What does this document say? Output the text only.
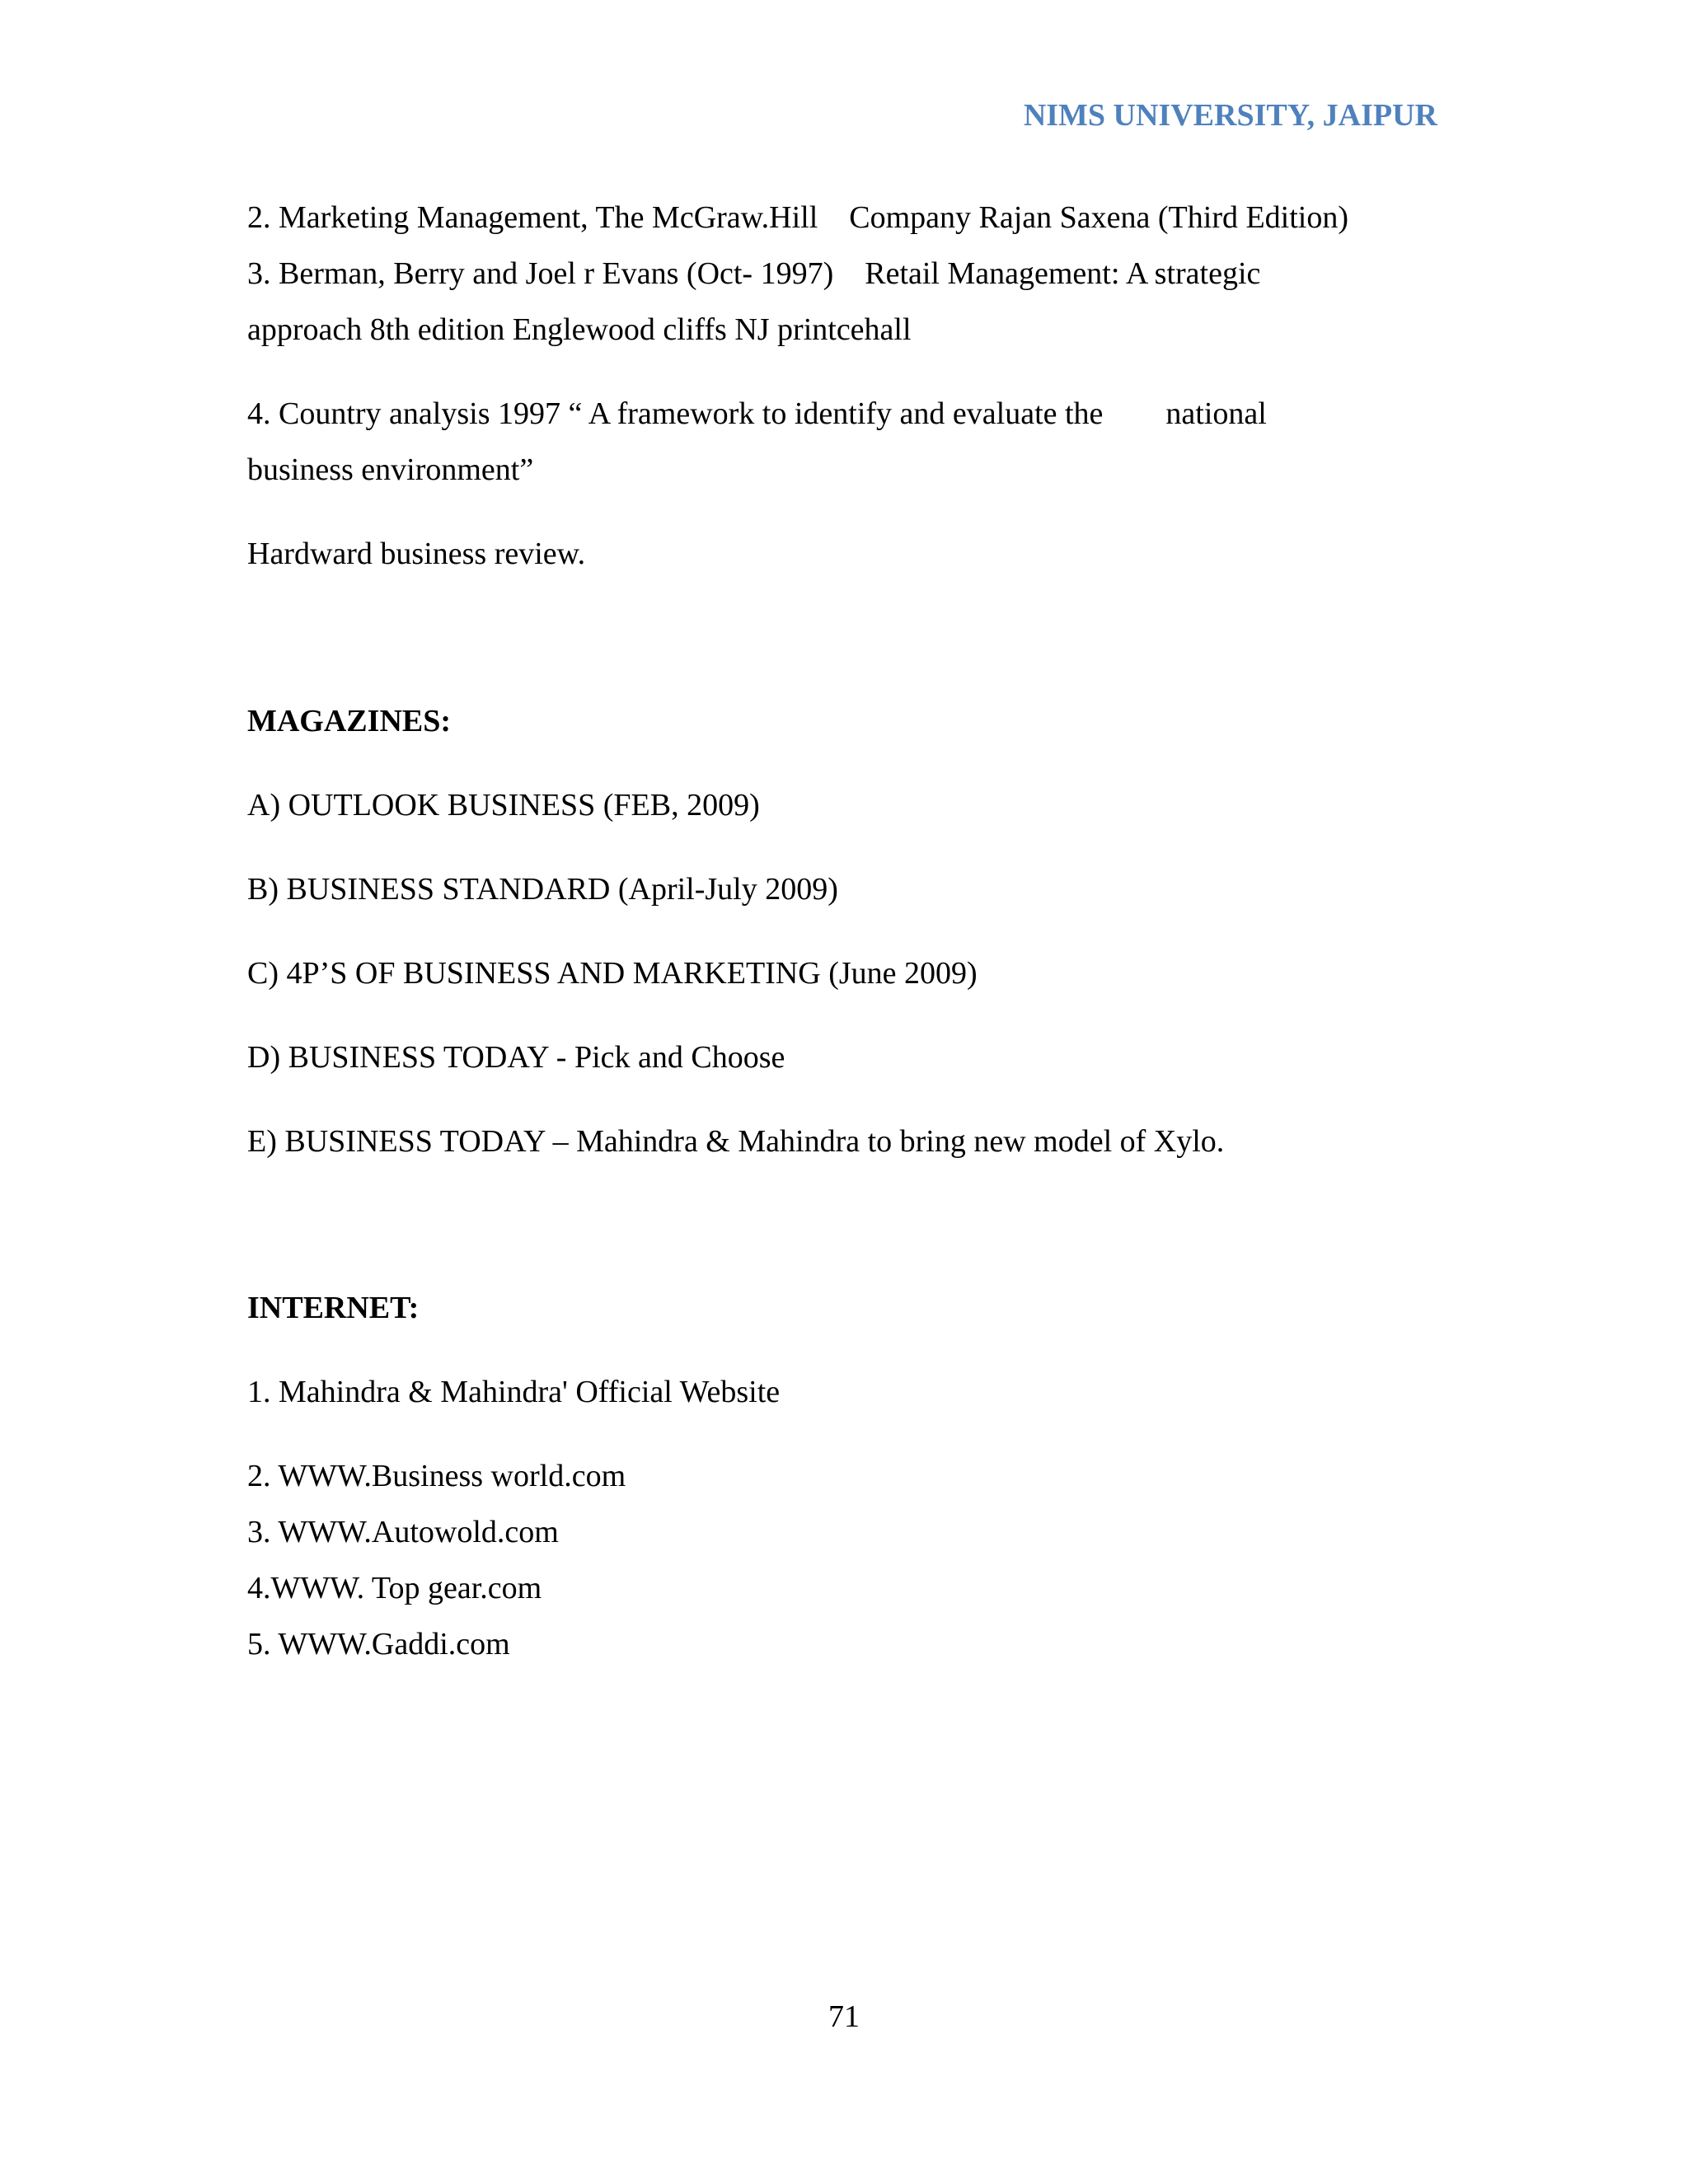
NIMS UNIVERSITY, JAIPUR
2. Marketing Management, The McGraw.Hill    Company Rajan Saxena (Third Edition)
3. Berman, Berry and Joel r Evans (Oct- 1997)    Retail Management: A strategic
approach 8th edition Englewood cliffs NJ printcehall
4. Country analysis 1997 “ A framework to identify and evaluate the        national
business environment”
Hardward business review.
MAGAZINES:
A) OUTLOOK BUSINESS (FEB, 2009)
B) BUSINESS STANDARD (April-July 2009)
C) 4P’S OF BUSINESS AND MARKETING (June 2009)
D) BUSINESS TODAY - Pick and Choose
E) BUSINESS TODAY – Mahindra & Mahindra to bring new model of Xylo.
INTERNET:
1. Mahindra & Mahindra' Official Website
2. WWW.Business world.com
3. WWW.Autowold.com
4.WWW. Top gear.com
5. WWW.Gaddi.com
71
